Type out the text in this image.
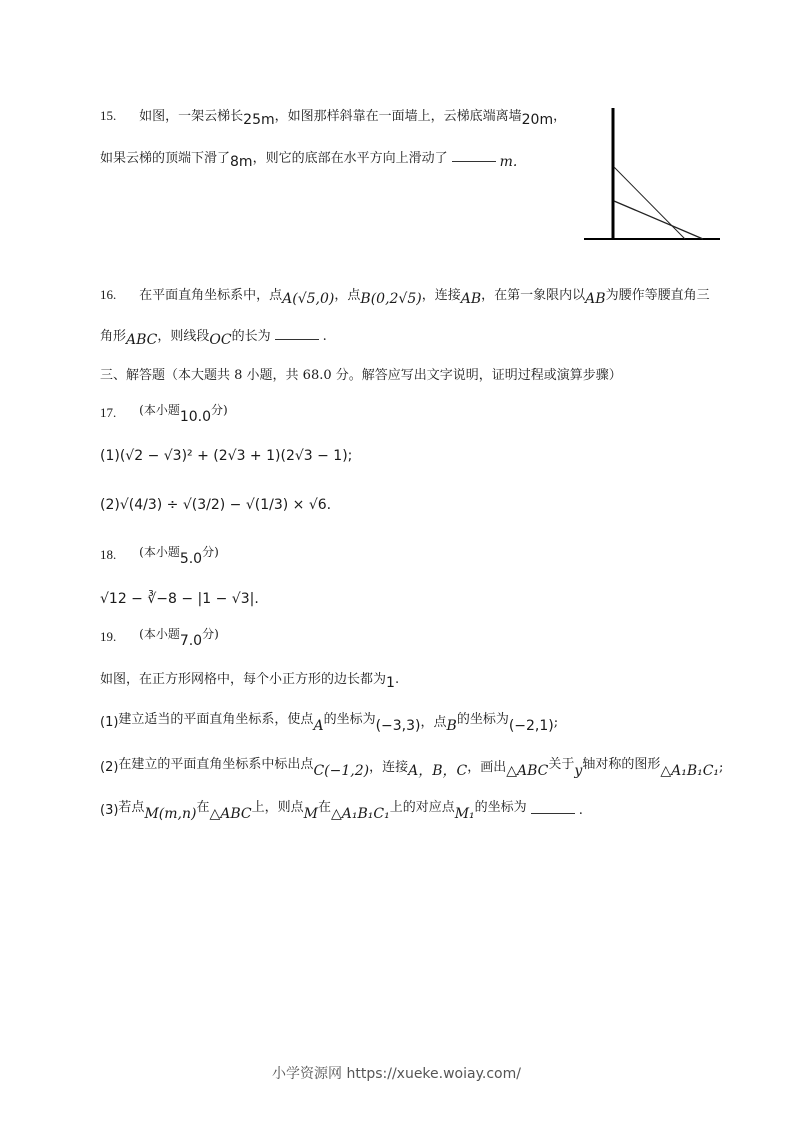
15. 如图，一架云梯长25m，如图那样斜靠在一面墙上，云梯底端离墙20m，
如果云梯的顶端下滑了8m，则它的底部在水平方向上滑动了	m.
16. 在平面直角坐标系中，点A(√5,0)，点B(0,2√5)，连接AB，在第一象限内以AB为腰作等腰直角三
角形ABC，则线段OC的长为	.
三、解答题（本大题共 8 小题，共 68.0 分。解答应写出文字说明，证明过程或演算步骤）
17. (本小题10.0分)
(1)(√2 − √3)² + (2√3 + 1)(2√3 − 1);
(2)√(4/3) ÷ √(3/2) − √(1/3) × √6.
18. (本小题5.0分)
√12 − ∛−8 − |1 − √3|.
19. (本小题7.0分)
如图，在正方形网格中，每个小正方形的边长都为1.
(1)建立适当的平面直角坐标系，使点A的坐标为(−3,3)，点B的坐标为(−2,1);
(2)在建立的平面直角坐标系中标出点C(−1,2)，连接A，B，C，画出△ABC关于y轴对称的图形△A₁B₁C₁;
(3)若点M(m,n)在△ABC上，则点M在△A₁B₁C₁上的对应点M₁的坐标为	.
小学资源网 https://xueke.woiay.com/
